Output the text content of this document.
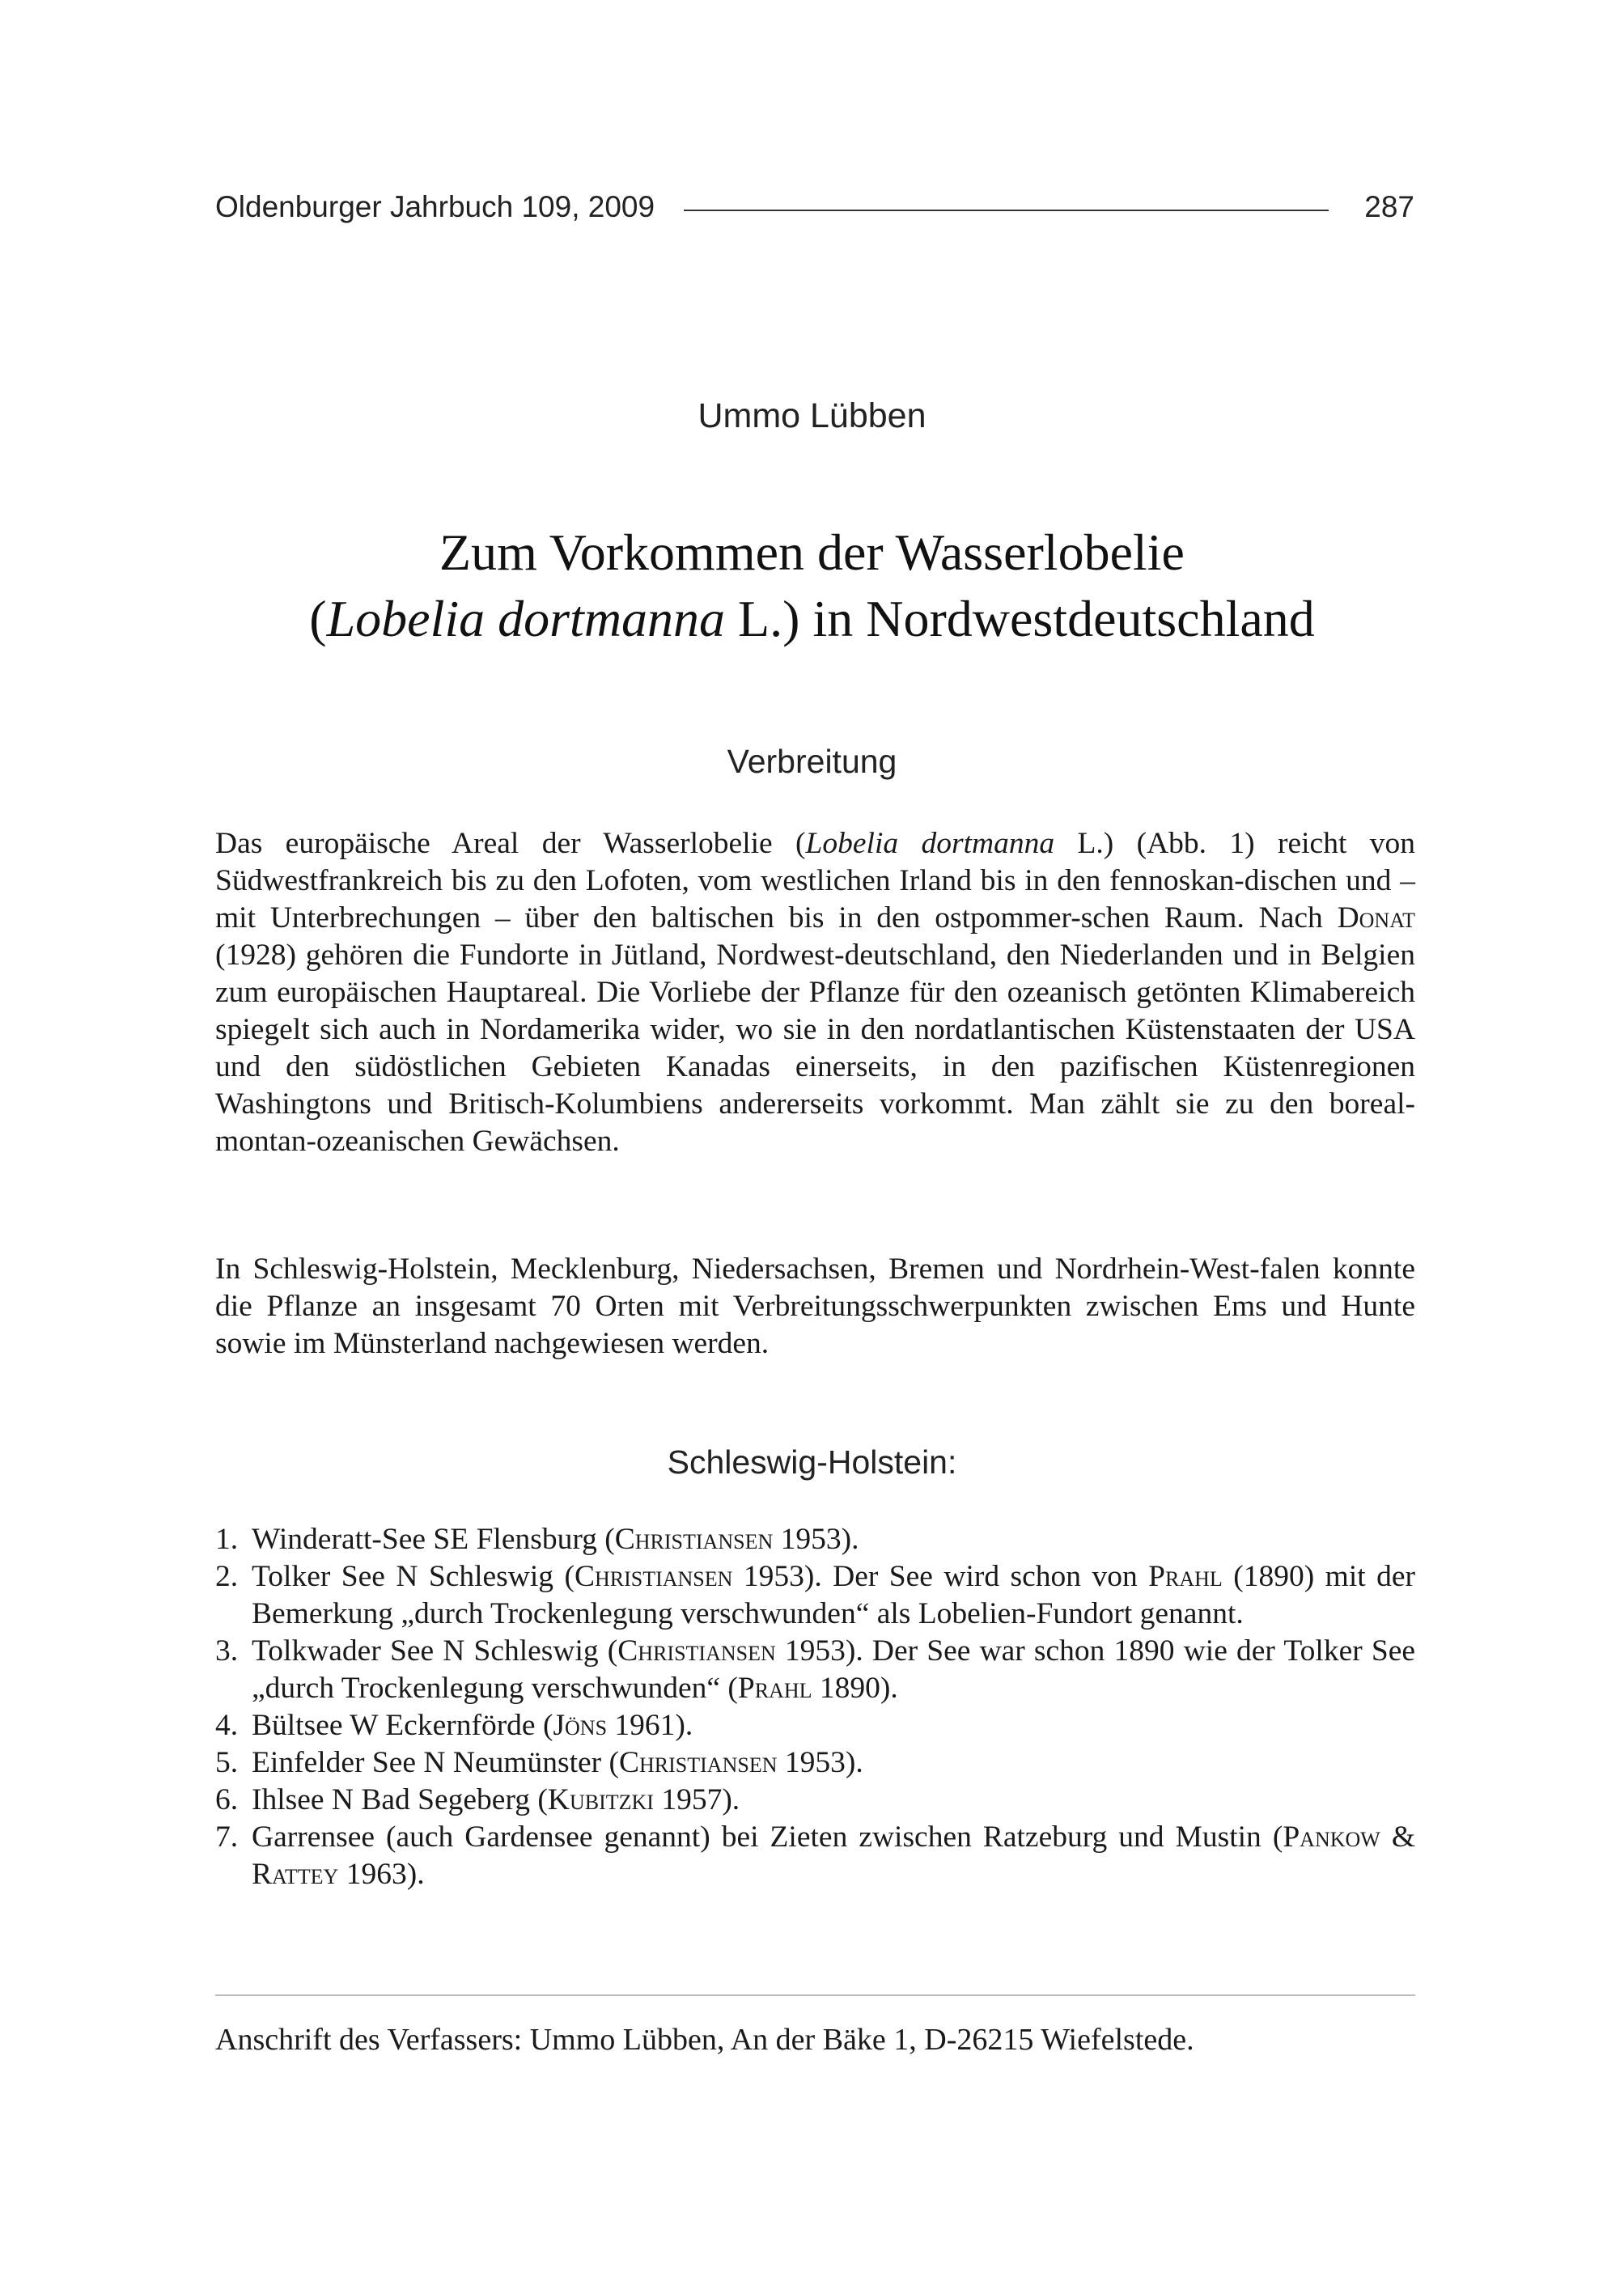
Oldenburger Jahrbuch 109, 2009	287
Ummo Lübben
Zum Vorkommen der Wasserlobelie
(Lobelia dortmanna L.) in Nordwestdeutschland
Verbreitung

Das europäische Areal der Wasserlobelie (Lobelia dortmanna L.) (Abb. 1) reicht von Südwestfrankreich bis zu den Lofoten, vom westlichen Irland bis in den fennoskan-dischen und – mit Unterbrechungen – über den baltischen bis in den ostpommer-schen Raum. Nach Donat (1928) gehören die Fundorte in Jütland, Nordwest-deutschland, den Niederlanden und in Belgien zum europäischen Hauptareal. Die Vorliebe der Pflanze für den ozeanisch getönten Klimabereich spiegelt sich auch in Nordamerika wider, wo sie in den nordatlantischen Küstenstaaten der USA und den südöstlichen Gebieten Kanadas einerseits, in den pazifischen Küstenregionen Washingtons und Britisch-Kolumbiens andererseits vorkommt. Man zählt sie zu den boreal-montan-ozeanischen Gewächsen.

In Schleswig-Holstein, Mecklenburg, Niedersachsen, Bremen und Nordrhein-West-falen konnte die Pflanze an insgesamt 70 Orten mit Verbreitungsschwerpunkten zwischen Ems und Hunte sowie im Münsterland nachgewiesen werden.

Schleswig-Holstein:
1. Winderatt-See SE Flensburg (Christiansen 1953).
2. Tolker See N Schleswig (Christiansen 1953). Der See wird schon von Prahl (1890) mit der Bemerkung „durch Trockenlegung verschwunden“ als Lobelien-Fundort genannt.
3. Tolkwader See N Schleswig (Christiansen 1953). Der See war schon 1890 wie der Tolker See „durch Trockenlegung verschwunden“ (Prahl 1890).
4. Bültsee W Eckernförde (Jöns 1961).
5. Einfelder See N Neumünster (Christiansen 1953).
6. Ihlsee N Bad Segeberg (Kubitzki 1957).
7. Garrensee (auch Gardensee genannt) bei Zieten zwischen Ratzeburg und Mustin (Pankow & Rattey 1963).
Anschrift des Verfassers: Ummo Lübben, An der Bäke 1, D-26215 Wiefelstede.
